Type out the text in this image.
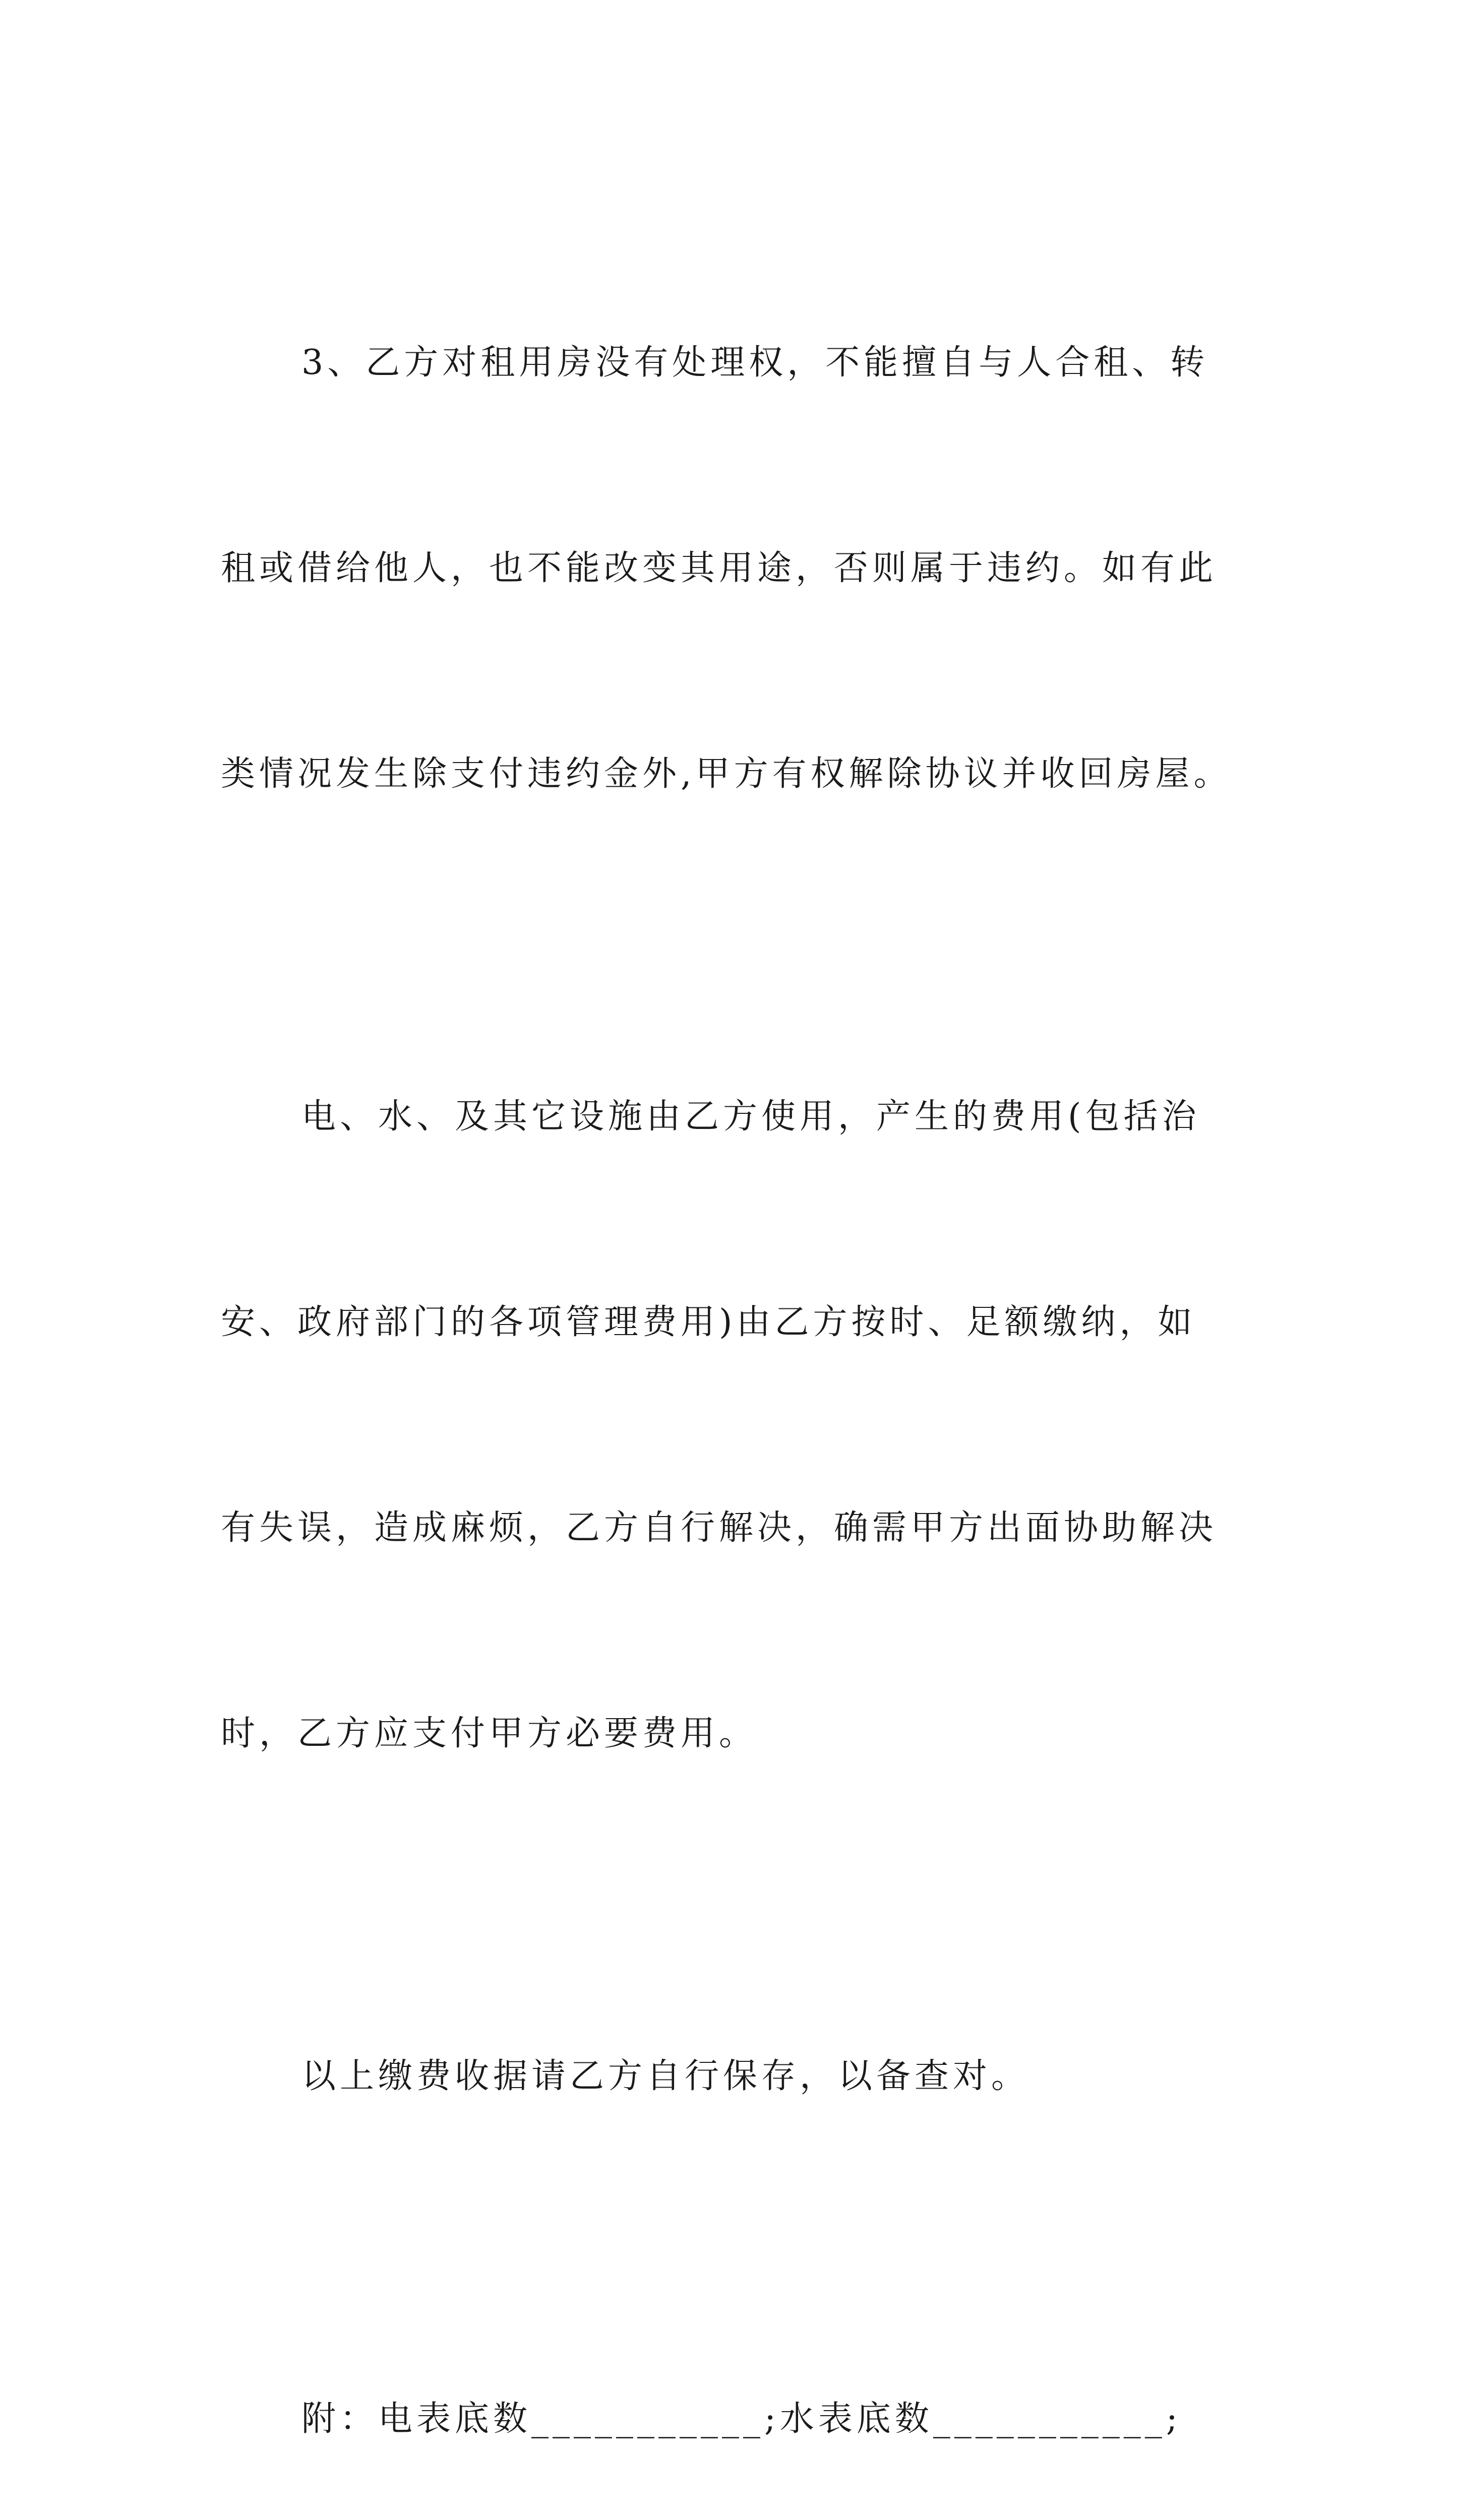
3、乙方对租用房没有处理权，不能擅自与人合租、转

租或借给他人，也不能改变其用途，否则属于违约。如有此

类情况发生除支付违约金外,甲方有权解除协议并收回房屋。

电、水、及其它设施由乙方使用，产生的费用(包括治

安、政府部门的各项管理费用)由乙方按时、足额缴纳，如

有失误，造成麻烦，乙方自行解决，确需甲方出面协助解决

时，乙方应支付甲方必要费用。

以上缴费收据请乙方自行保存，以备查对。

附：电表底数___________;水表底数___________;
